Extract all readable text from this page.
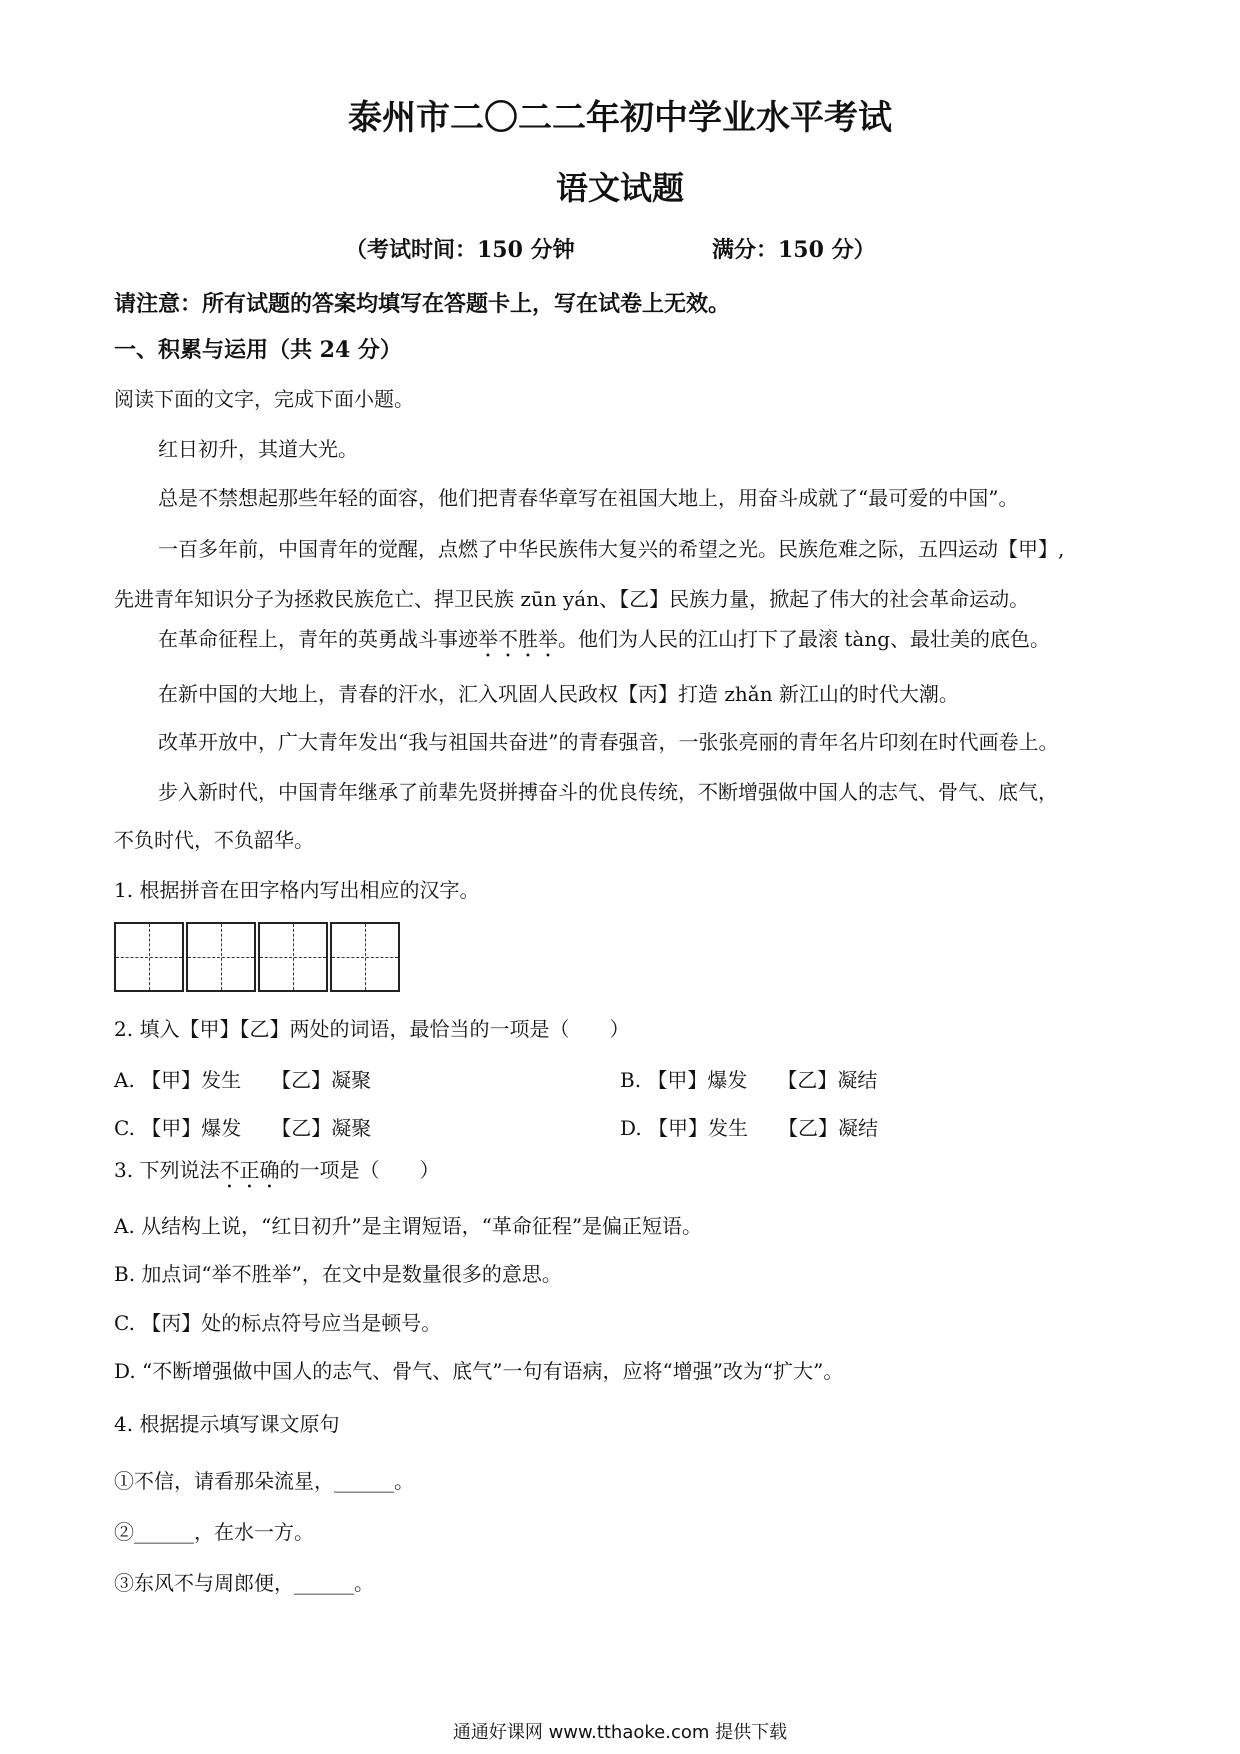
泰州市二〇二二年初中学业水平考试
语文试题
（考试时间：150 分钟	满分：150 分）
请注意：所有试题的答案均填写在答题卡上，写在试卷上无效。
一、积累与运用（共 24 分）
阅读下面的文字，完成下面小题。
红日初升，其道大光。
总是不禁想起那些年轻的面容，他们把青春华章写在祖国大地上，用奋斗成就了“最可爱的中国”。
一百多年前，中国青年的觉醒，点燃了中华民族伟大复兴的希望之光。民族危难之际，五四运动【甲】,
先进青年知识分子为拯救民族危亡、捍卫民族 zūn yán、【乙】民族力量，掀起了伟大的社会革命运动。
在革命征程上，青年的英勇战斗事迹举不胜举。他们为人民的江山打下了最滚 tàng、最壮美的底色。
在新中国的大地上，青春的汗水，汇入巩固人民政权【丙】打造 zhǎn 新江山的时代大潮。
改革开放中，广大青年发出“我与祖国共奋进”的青春强音，一张张亮丽的青年名片印刻在时代画卷上。
步入新时代，中国青年继承了前辈先贤拼搏奋斗的优良传统，不断增强做中国人的志气、骨气、底气，
不负时代，不负韶华。
1. 根据拼音在田字格内写出相应的汉字。
2. 填入【甲】【乙】两处的词语，最恰当的一项是（　　）
A. 【甲】发生　　【乙】凝聚	B. 【甲】爆发　　【乙】凝结
C. 【甲】爆发　　【乙】凝聚	D. 【甲】发生　　【乙】凝结
3. 下列说法不正确的一项是（　　）
A. 从结构上说，“红日初升”是主谓短语，“革命征程”是偏正短语。
B. 加点词“举不胜举”，在文中是数量很多的意思。
C. 【丙】处的标点符号应当是顿号。
D. “不断增强做中国人的志气、骨气、底气”一句有语病，应将“增强”改为“扩大”。
4. 根据提示填写课文原句
①不信，请看那朵流星，______。
②______，在水一方。
③东风不与周郎便，______。
通通好课网 www.tthaoke.com 提供下载
